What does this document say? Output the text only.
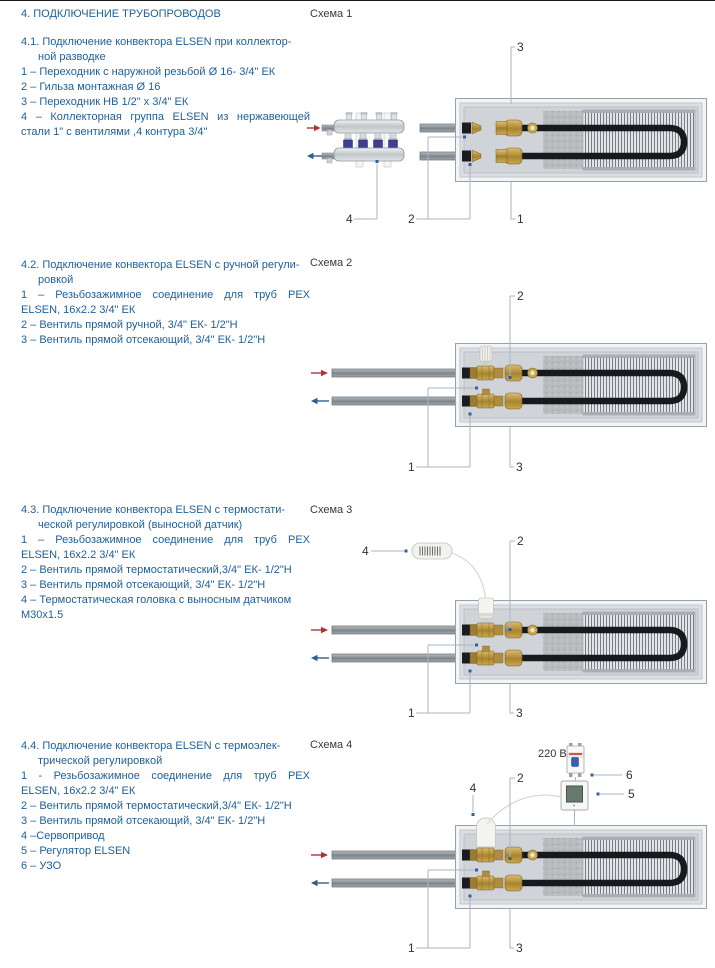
4. ПОДКЛЮЧЕНИЕ ТРУБОПРОВОДОВ
4.1. Подключение конвектора ELSEN при коллектор-
ной разводке
1 – Переходник с наружной резьбой Ø 16- 3/4" ЕК
2 – Гильза монтажная Ø 16
3 – Переходник НВ 1/2" x 3/4" ЕК
4 – Коллекторная группа ELSEN из нержавеющей
стали 1" с вентилями ,4 контура 3/4"
4.2. Подключение конвектора ELSEN с ручной регули-
ровкой
1 – Резьбозажимное соединение для труб PEX
ELSEN, 16x2.2 3/4" ЕК
2 – Вентиль прямой ручной, 3/4" ЕК- 1/2"Н
3 – Вентиль прямой отсекающий, 3/4" ЕК- 1/2"Н
4.3. Подключение конвектора ELSEN с термостати-
ческой регулировкой (выносной датчик)
1 – Резьбозажимное соединение для труб PEX
ELSEN, 16x2.2 3/4" ЕК
2 – Вентиль прямой термостатический,3/4" ЕК- 1/2"Н
3 – Вентиль прямой отсекающий, 3/4" ЕК- 1/2"Н
4 – Термостатическая головка с выносным датчиком
M30x1.5
4.4. Подключение конвектора ELSEN с термоэлек-
трической регулировкой
1 - Резьбозажимное соединение для труб PEX
ELSEN, 16x2.2 3/4" ЕК
2 – Вентиль прямой термостатический,3/4" ЕК- 1/2"Н
3 – Вентиль прямой отсекающий, 3/4" ЕК- 1/2"Н
4 –Сервопривод
5 – Регулятор ELSEN
6 – УЗО
Схема 1
Схема 2
Схема 3
Схема 4
3
4	2	1
2
1	3
4
2
1	3
220 В
4
2	6
5
1	3
